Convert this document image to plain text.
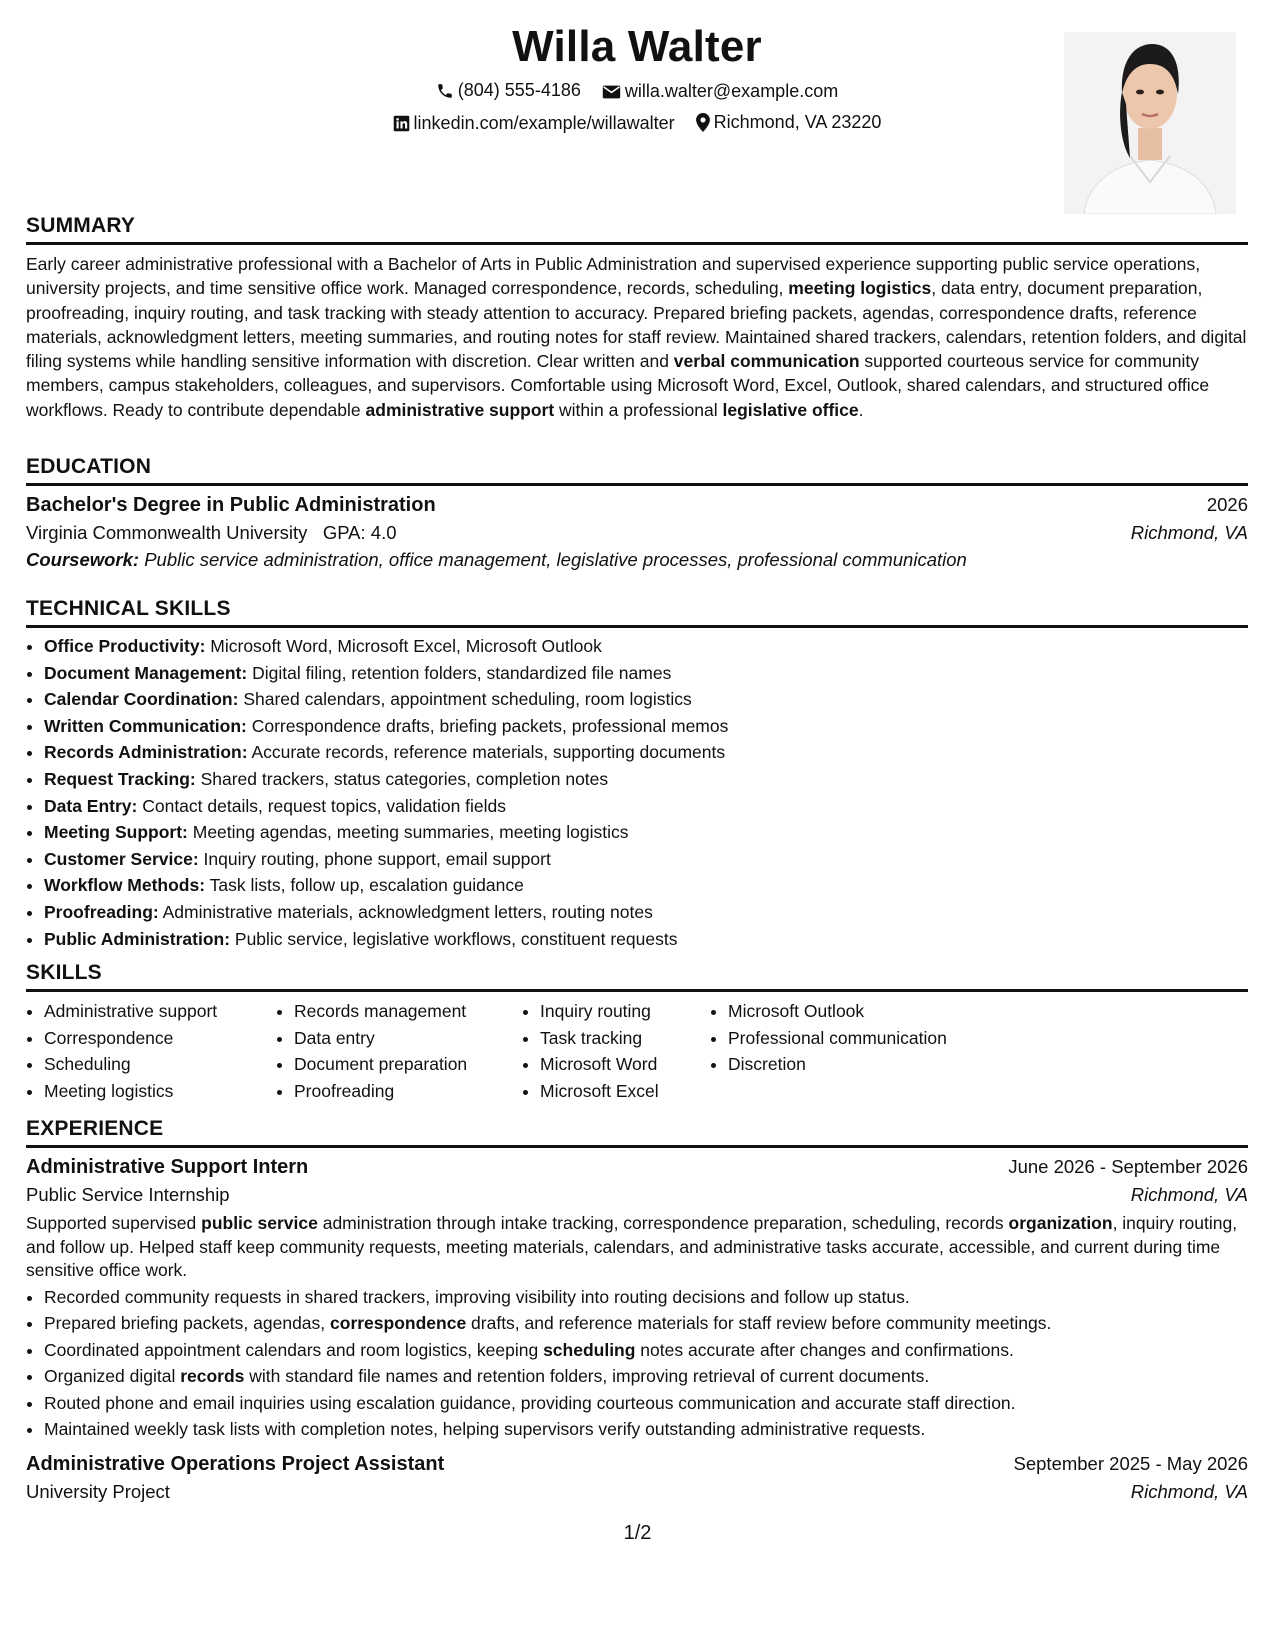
Willa Walter
(804) 555-4186
willa.walter@example.com
linkedin.com/example/willawalter
Richmond, VA 23220
SUMMARY

Early career administrative professional with a Bachelor of Arts in Public Administration and supervised experience supporting public service operations, university projects, and time sensitive office work. Managed correspondence, records, scheduling, meeting logistics, data entry, document preparation, proofreading, inquiry routing, and task tracking with steady attention to accuracy. Prepared briefing packets, agendas, correspondence drafts, reference materials, acknowledgment letters, meeting summaries, and routing notes for staff review. Maintained shared trackers, calendars, retention folders, and digital filing systems while handling sensitive information with discretion. Clear written and verbal communication supported courteous service for community members, campus stakeholders, colleagues, and supervisors. Comfortable using Microsoft Word, Excel, Outlook, shared calendars, and structured office workflows. Ready to contribute dependable administrative support within a professional legislative office.

EDUCATION
Bachelor's Degree in Public Administration	2026
Virginia Commonwealth University GPA: 4.0	Richmond, VA
Coursework: Public service administration, office management, legislative processes, professional communication
TECHNICAL SKILLS
• Office Productivity: Microsoft Word, Microsoft Excel, Microsoft Outlook
• Document Management: Digital filing, retention folders, standardized file names
• Calendar Coordination: Shared calendars, appointment scheduling, room logistics
• Written Communication: Correspondence drafts, briefing packets, professional memos
• Records Administration: Accurate records, reference materials, supporting documents
• Request Tracking: Shared trackers, status categories, completion notes
• Data Entry: Contact details, request topics, validation fields
• Meeting Support: Meeting agendas, meeting summaries, meeting logistics
• Customer Service: Inquiry routing, phone support, email support
• Workflow Methods: Task lists, follow up, escalation guidance
• Proofreading: Administrative materials, acknowledgment letters, routing notes
• Public Administration: Public service, legislative workflows, constituent requests
SKILLS
• Administrative support
• Correspondence
• Scheduling
• Meeting logistics
• Records management
• Data entry
• Document preparation
• Proofreading
• Inquiry routing
• Task tracking
• Microsoft Word
• Microsoft Excel
• Microsoft Outlook
• Professional communication
• Discretion
EXPERIENCE
Administrative Support Intern	June 2026 - September 2026
Public Service Internship	Richmond, VA

Supported supervised public service administration through intake tracking, correspondence preparation, scheduling, records organization, inquiry routing, and follow up. Helped staff keep community requests, meeting materials, calendars, and administrative tasks accurate, accessible, and current during time sensitive office work.

• Recorded community requests in shared trackers, improving visibility into routing decisions and follow up status.
• Prepared briefing packets, agendas, correspondence drafts, and reference materials for staff review before community meetings.
• Coordinated appointment calendars and room logistics, keeping scheduling notes accurate after changes and confirmations.
• Organized digital records with standard file names and retention folders, improving retrieval of current documents.
• Routed phone and email inquiries using escalation guidance, providing courteous communication and accurate staff direction.
• Maintained weekly task lists with completion notes, helping supervisors verify outstanding administrative requests.
Administrative Operations Project Assistant	September 2025 - May 2026
University Project	Richmond, VA
1/2
